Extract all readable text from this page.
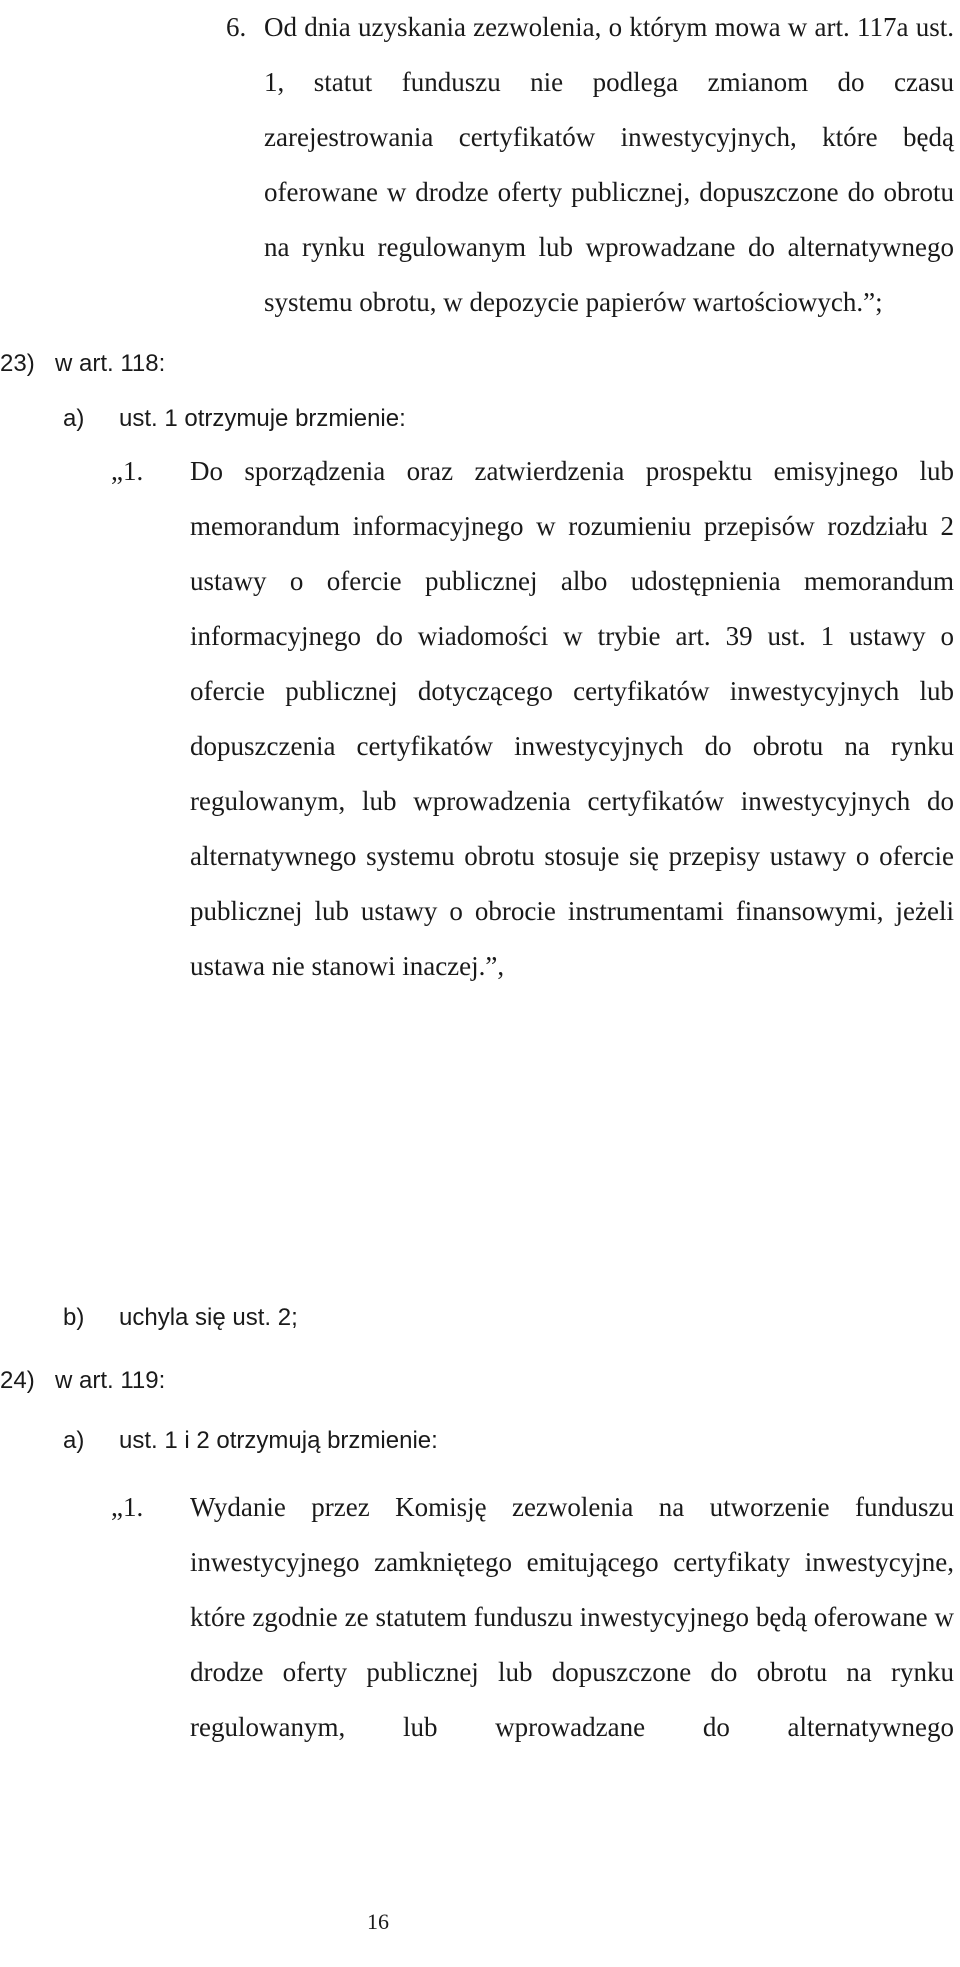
6. Od dnia uzyskania zezwolenia, o którym mowa w art. 117a ust. 1, statut funduszu nie podlega zmianom do czasu zarejestrowania certyfikatów inwestycyjnych, które będą oferowane w drodze oferty publicznej, dopuszczone do obrotu na rynku regulowanym lub wprowadzane do alternatywnego systemu obrotu, w depozycie papierów wartościowych.”;
23) w art. 118:
a) ust. 1 otrzymuje brzmienie:
„1. Do sporządzenia oraz zatwierdzenia prospektu emisyjnego lub memorandum informacyjnego w rozumieniu przepisów rozdziału 2 ustawy o ofercie publicznej albo udostępnienia memorandum informacyjnego do wiadomości w trybie art. 39 ust. 1 ustawy o ofercie publicznej dotyczącego certyfikatów inwestycyjnych lub dopuszczenia certyfikatów inwestycyjnych do obrotu na rynku regulowanym, lub wprowadzenia certyfikatów inwestycyjnych do alternatywnego systemu obrotu stosuje się przepisy ustawy o ofercie publicznej lub ustawy o obrocie instrumentami finansowymi, jeżeli ustawa nie stanowi inaczej.”,
b) uchyla się ust. 2;
24) w art. 119:
a) ust. 1 i 2 otrzymują brzmienie:
„1. Wydanie przez Komisję zezwolenia na utworzenie funduszu inwestycyjnego zamkniętego emitującego certyfikaty inwestycyjne, które zgodnie ze statutem funduszu inwestycyjnego będą oferowane w drodze oferty publicznej lub dopuszczone do obrotu na rynku regulowanym, lub wprowadzane do alternatywnego
16
